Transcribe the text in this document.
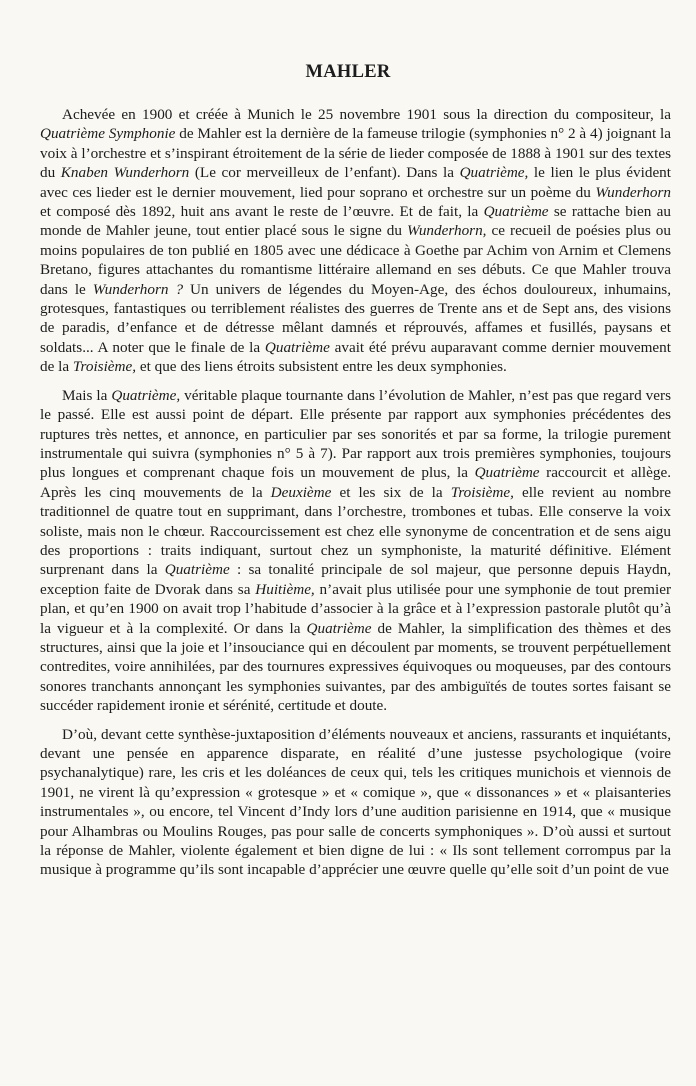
MAHLER

Achevée en 1900 et créée à Munich le 25 novembre 1901 sous la direction du compositeur, la Quatrième Symphonie de Mahler est la dernière de la fameuse trilogie (symphonies n° 2 à 4) joignant la voix à l’orchestre et s’inspirant étroitement de la série de lieder composée de 1888 à 1901 sur des textes du Knaben Wunderhorn (Le cor merveilleux de l’enfant). Dans la Quatrième, le lien le plus évident avec ces lieder est le dernier mouvement, lied pour soprano et orchestre sur un poème du Wunderhorn et composé dès 1892, huit ans avant le reste de l’œuvre. Et de fait, la Quatrième se rattache bien au monde de Mahler jeune, tout entier placé sous le signe du Wunderhorn, ce recueil de poésies plus ou moins populaires de ton publié en 1805 avec une dédicace à Goethe par Achim von Arnim et Clemens Bretano, figures attachantes du romantisme littéraire allemand en ses débuts. Ce que Mahler trouva dans le Wunderhorn ? Un univers de légendes du Moyen-Age, des échos douloureux, inhumains, grotesques, fantastiques ou terriblement réalistes des guerres de Trente ans et de Sept ans, des visions de paradis, d’enfance et de détresse mêlant damnés et réprouvés, affames et fusillés, paysans et soldats... A noter que le finale de la Quatrième avait été prévu auparavant comme dernier mouvement de la Troisième, et que des liens étroits subsistent entre les deux symphonies.

Mais la Quatrième, véritable plaque tournante dans l’évolution de Mahler, n’est pas que regard vers le passé. Elle est aussi point de départ. Elle présente par rapport aux symphonies précédentes des ruptures très nettes, et annonce, en particulier par ses sonorités et par sa forme, la trilogie purement instrumentale qui suivra (symphonies n° 5 à 7). Par rapport aux trois premières symphonies, toujours plus longues et comprenant chaque fois un mouvement de plus, la Quatrième raccourcit et allège. Après les cinq mouvements de la Deuxième et les six de la Troisième, elle revient au nombre traditionnel de quatre tout en supprimant, dans l’orchestre, trombones et tubas. Elle conserve la voix soliste, mais non le chœur. Raccourcissement est chez elle synonyme de concentration et de sens aigu des proportions : traits indiquant, surtout chez un symphoniste, la maturité définitive. Elément surprenant dans la Quatrième : sa tonalité principale de sol majeur, que personne depuis Haydn, exception faite de Dvorak dans sa Huitième, n’avait plus utilisée pour une symphonie de tout premier plan, et qu’en 1900 on avait trop l’habitude d’associer à la grâce et à l’expression pastorale plutôt qu’à la vigueur et à la complexité. Or dans la Quatrième de Mahler, la simplification des thèmes et des structures, ainsi que la joie et l’insouciance qui en découlent par moments, se trouvent perpétuellement contredites, voire annihilées, par des tournures expressives équivoques ou moqueuses, par des contours sonores tranchants annonçant les symphonies suivantes, par des ambiguïtés de toutes sortes faisant se succéder rapidement ironie et sérénité, certitude et doute.

D’où, devant cette synthèse-juxtaposition d’éléments nouveaux et anciens, rassurants et inquiétants, devant une pensée en apparence disparate, en réalité d’une justesse psychologique (voire psychanalytique) rare, les cris et les doléances de ceux qui, tels les critiques munichois et viennois de 1901, ne virent là qu’expression « grotesque » et « comique », que « dissonances » et « plaisanteries instrumentales », ou encore, tel Vincent d’Indy lors d’une audition parisienne en 1914, que « musique pour Alhambras ou Moulins Rouges, pas pour salle de concerts symphoniques ». D’où aussi et surtout la réponse de Mahler, violente également et bien digne de lui : « Ils sont tellement corrompus par la musique à programme qu’ils sont incapable d’apprécier une œuvre quelle qu’elle soit d’un point de vue
